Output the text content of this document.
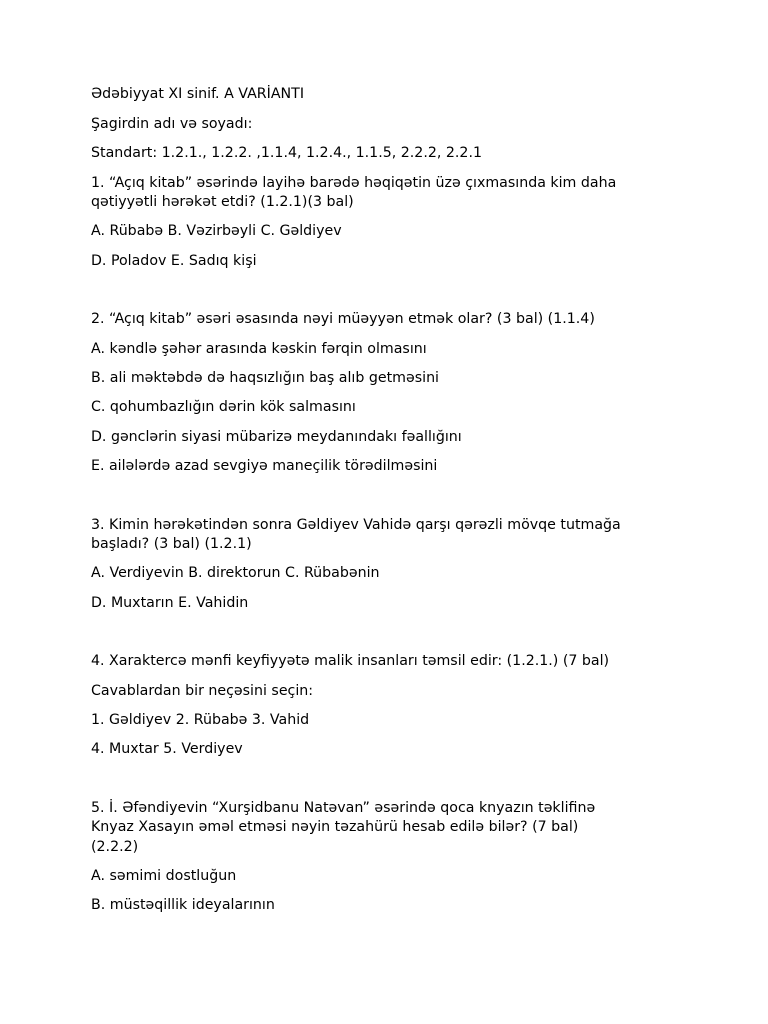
Ədəbiyyat XI sinif. A VARİANTI
Şagirdin adı və soyadı:
Standart: 1.2.1., 1.2.2. ,1.1.4, 1.2.4., 1.1.5, 2.2.2, 2.2.1
1. “Açıq kitab” əsərində layihə barədə həqiqətin üzə çıxmasında kim daha
qətiyyətli hərəkət etdi? (1.2.1)(3 bal)
A. Rübabə B. Vəzirbəyli C. Gəldiyev
D. Poladov E. Sadıq kişi
2. “Açıq kitab” əsəri əsasında nəyi müəyyən etmək olar? (3 bal) (1.1.4)
A. kəndlə şəhər arasında kəskin fərqin olmasını
B. ali məktəbdə də haqsızlığın baş alıb getməsini
C. qohumbazlığın dərin kök salmasını
D. gənclərin siyasi mübarizə meydanındakı fəallığını
E. ailələrdə azad sevgiyə maneçilik törədilməsini
3. Kimin hərəkətindən sonra Gəldiyev Vahidə qarşı qərəzli mövqe tutmağa
başladı? (3 bal) (1.2.1)
A. Verdiyevin B. direktorun C. Rübabənin
D. Muxtarın E. Vahidin
4. Xaraktercə mənfi keyfiyyətə malik insanları təmsil edir: (1.2.1.) (7 bal)
Cavablardan bir neçəsini seçin:
1. Gəldiyev 2. Rübabə 3. Vahid
4. Muxtar 5. Verdiyev
5. İ. Əfəndiyevin “Xurşidbanu Natəvan” əsərində qoca knyazın təklifinə
Knyaz Xasayın əməl etməsi nəyin təzahürü hesab edilə bilər? (7 bal)
(2.2.2)
A. səmimi dostluğun
B. müstəqillik ideyalarının
